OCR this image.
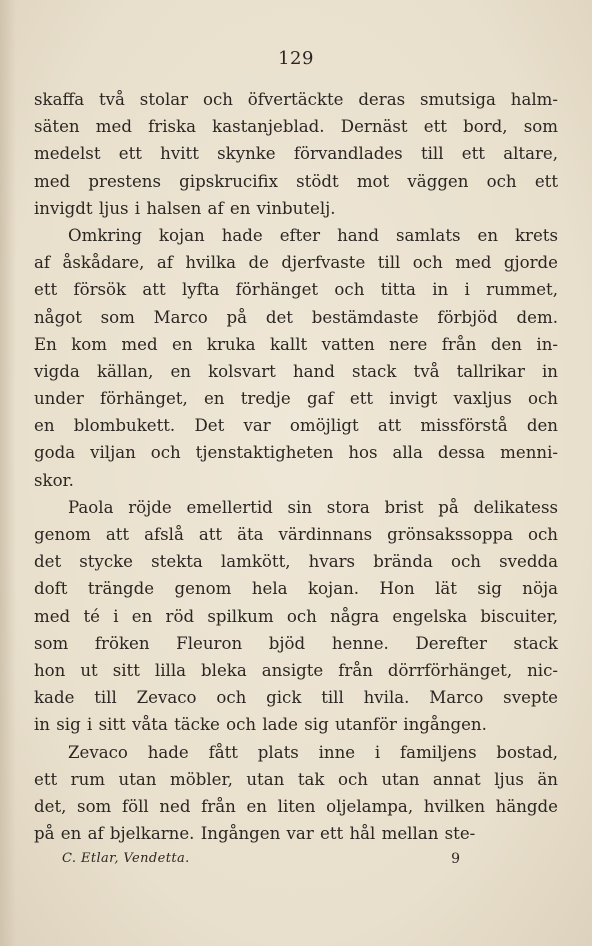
129
skaffa två stolar och öfvertäckte deras smutsiga halm-
säten med friska kastanjeblad. Dernäst ett bord, som
medelst ett hvitt skynke förvandlades till ett altare,
med prestens gipskrucifix stödt mot väggen och ett
invigdt ljus i halsen af en vinbutelj.
Omkring kojan hade efter hand samlats en krets
af åskådare, af hvilka de djerfvaste till och med gjorde
ett försök att lyfta förhänget och titta in i rummet,
något som Marco på det bestämdaste förbjöd dem.
En kom med en kruka kallt vatten nere från den in-
vigda källan, en kolsvart hand stack två tallrikar in
under förhänget, en tredje gaf ett invigt vaxljus och
en blombukett. Det var omöjligt att missförstå den
goda viljan och tjenstaktigheten hos alla dessa menni-
skor.
Paola röjde emellertid sin stora brist på delikatess
genom att afslå att äta värdinnans grönsakssoppa och
det stycke stekta lamkött, hvars brända och svedda
doft trängde genom hela kojan. Hon lät sig nöja
med té i en röd spilkum och några engelska biscuiter,
som fröken Fleuron bjöd henne. Derefter stack
hon ut sitt lilla bleka ansigte från dörrförhänget, nic-
kade till Zevaco och gick till hvila. Marco svepte
in sig i sitt våta täcke och lade sig utanför ingången.
Zevaco hade fått plats inne i familjens bostad,
ett rum utan möbler, utan tak och utan annat ljus än
det, som föll ned från en liten oljelampa, hvilken hängde
på en af bjelkarne. Ingången var ett hål mellan ste-
C. Etlar, Vendetta.	9
